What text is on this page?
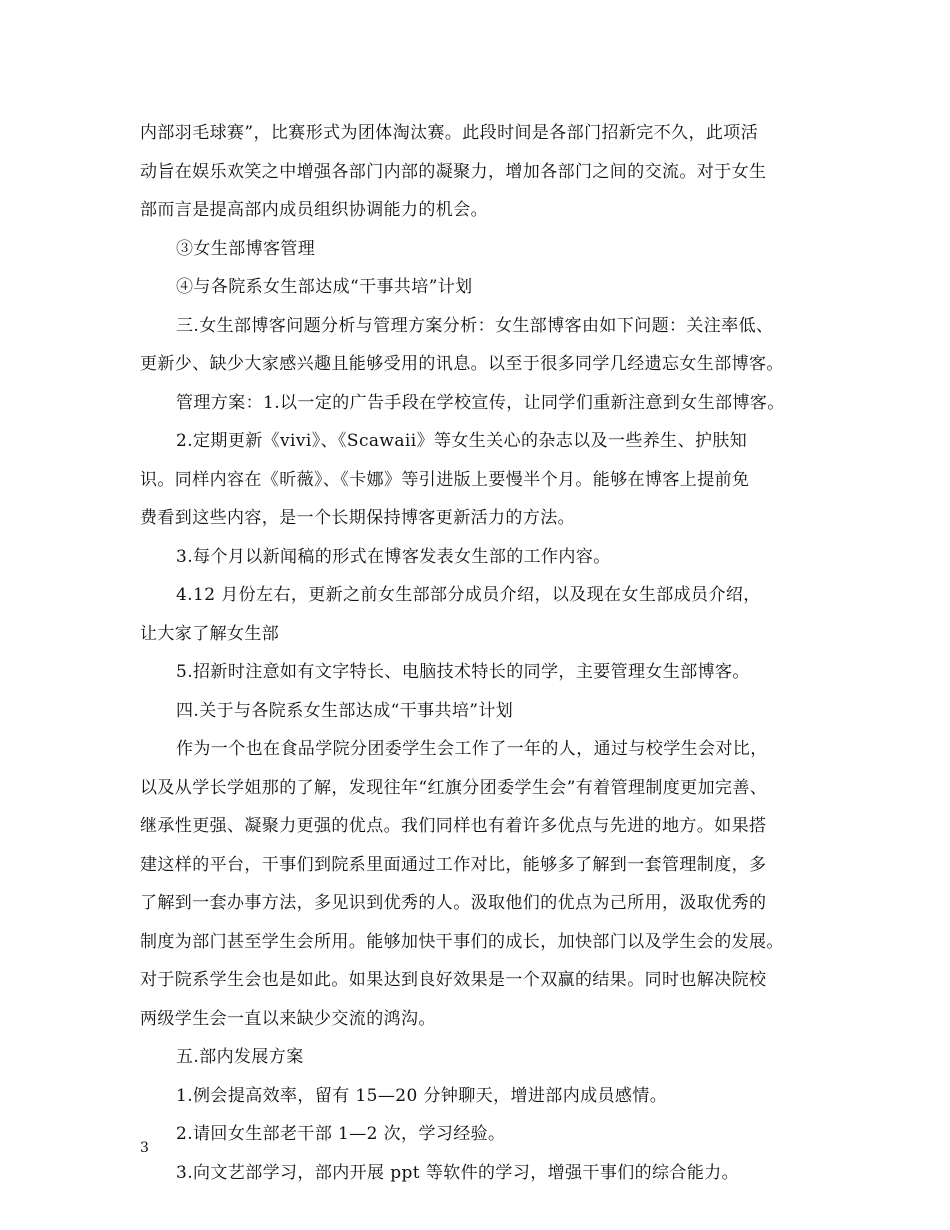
内部羽毛球赛”，比赛形式为团体淘汰赛。此段时间是各部门招新完不久，此项活
动旨在娱乐欢笑之中增强各部门内部的凝聚力，增加各部门之间的交流。对于女生
部而言是提高部内成员组织协调能力的机会。
③女生部博客管理
④与各院系女生部达成“干事共培”计划
三.女生部博客问题分析与管理方案分析：女生部博客由如下问题：关注率低、
更新少、缺少大家感兴趣且能够受用的讯息。以至于很多同学几经遗忘女生部博客。
管理方案：1.以一定的广告手段在学校宣传，让同学们重新注意到女生部博客。
2.定期更新《vivi》、《Scawaii》等女生关心的杂志以及一些养生、护肤知
识。同样内容在《昕薇》、《卡娜》等引进版上要慢半个月。能够在博客上提前免
费看到这些内容，是一个长期保持博客更新活力的方法。
3.每个月以新闻稿的形式在博客发表女生部的工作内容。
4.12 月份左右，更新之前女生部部分成员介绍，以及现在女生部成员介绍，
让大家了解女生部
5.招新时注意如有文字特长、电脑技术特长的同学，主要管理女生部博客。
四.关于与各院系女生部达成“干事共培”计划
作为一个也在食品学院分团委学生会工作了一年的人，通过与校学生会对比，
以及从学长学姐那的了解，发现往年“红旗分团委学生会”有着管理制度更加完善、
继承性更强、凝聚力更强的优点。我们同样也有着许多优点与先进的地方。如果搭
建这样的平台，干事们到院系里面通过工作对比，能够多了解到一套管理制度，多
了解到一套办事方法，多见识到优秀的人。汲取他们的优点为己所用，汲取优秀的
制度为部门甚至学生会所用。能够加快干事们的成长，加快部门以及学生会的发展。
对于院系学生会也是如此。如果达到良好效果是一个双赢的结果。同时也解决院校
两级学生会一直以来缺少交流的鸿沟。
五.部内发展方案
1.例会提高效率，留有 15—20 分钟聊天，增进部内成员感情。
2.请回女生部老干部 1—2 次，学习经验。
3.向文艺部学习，部内开展 ppt 等软件的学习，增强干事们的综合能力。
3
